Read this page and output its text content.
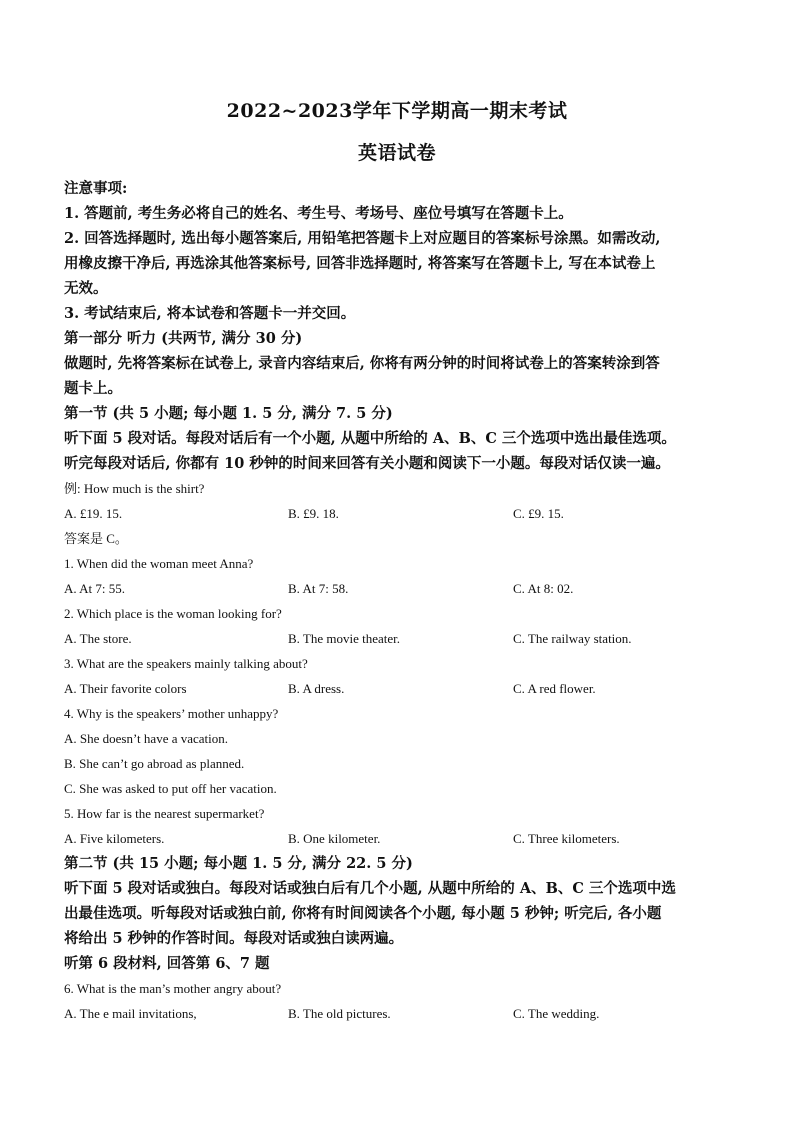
2022~2023学年下学期高一期末考试
英语试卷
注意事项:
1. 答题前, 考生务必将自己的姓名、考生号、考场号、座位号填写在答题卡上。
2. 回答选择题时, 选出每小题答案后, 用铅笔把答题卡上对应题目的答案标号涂黑。如需改动,
用橡皮擦干净后, 再选涂其他答案标号, 回答非选择题时, 将答案写在答题卡上, 写在本试卷上
无效。
3. 考试结束后, 将本试卷和答题卡一并交回。
第一部分 听力 (共两节, 满分 30 分)
做题时, 先将答案标在试卷上, 录音内容结束后, 你将有两分钟的时间将试卷上的答案转涂到答
题卡上。
第一节 (共 5 小题; 每小题 1. 5 分, 满分 7. 5 分)
听下面 5 段对话。每段对话后有一个小题, 从题中所给的 A、B、C 三个选项中选出最佳选项。
听完每段对话后, 你都有 10 秒钟的时间来回答有关小题和阅读下一小题。每段对话仅读一遍。
例: How much is the shirt?
A. £19. 15.	B. £9. 18.	C. £9. 15.
答案是 C。
1. When did the woman meet Anna?
A. At 7: 55.	B. At 7: 58.	C. At 8: 02.
2. Which place is the woman looking for?
A. The store.	B. The movie theater.	C. The railway station.
3. What are the speakers mainly talking about?
A. Their favorite colors	B. A dress.	C. A red flower.
4. Why is the speakers’ mother unhappy?
A. She doesn’t have a vacation.
B. She can’t go abroad as planned.
C. She was asked to put off her vacation.
5. How far is the nearest supermarket?
A. Five kilometers.	B. One kilometer.	C. Three kilometers.
第二节 (共 15 小题; 每小题 1. 5 分, 满分 22. 5 分)
听下面 5 段对话或独白。每段对话或独白后有几个小题, 从题中所给的 A、B、C 三个选项中选
出最佳选项。听每段对话或独白前, 你将有时间阅读各个小题, 每小题 5 秒钟; 听完后, 各小题
将给出 5 秒钟的作答时间。每段对话或独白读两遍。
听第 6 段材料, 回答第 6、7 题
6. What is the man’s mother angry about?
A. The e mail invitations,	B. The old pictures.	C. The wedding.
